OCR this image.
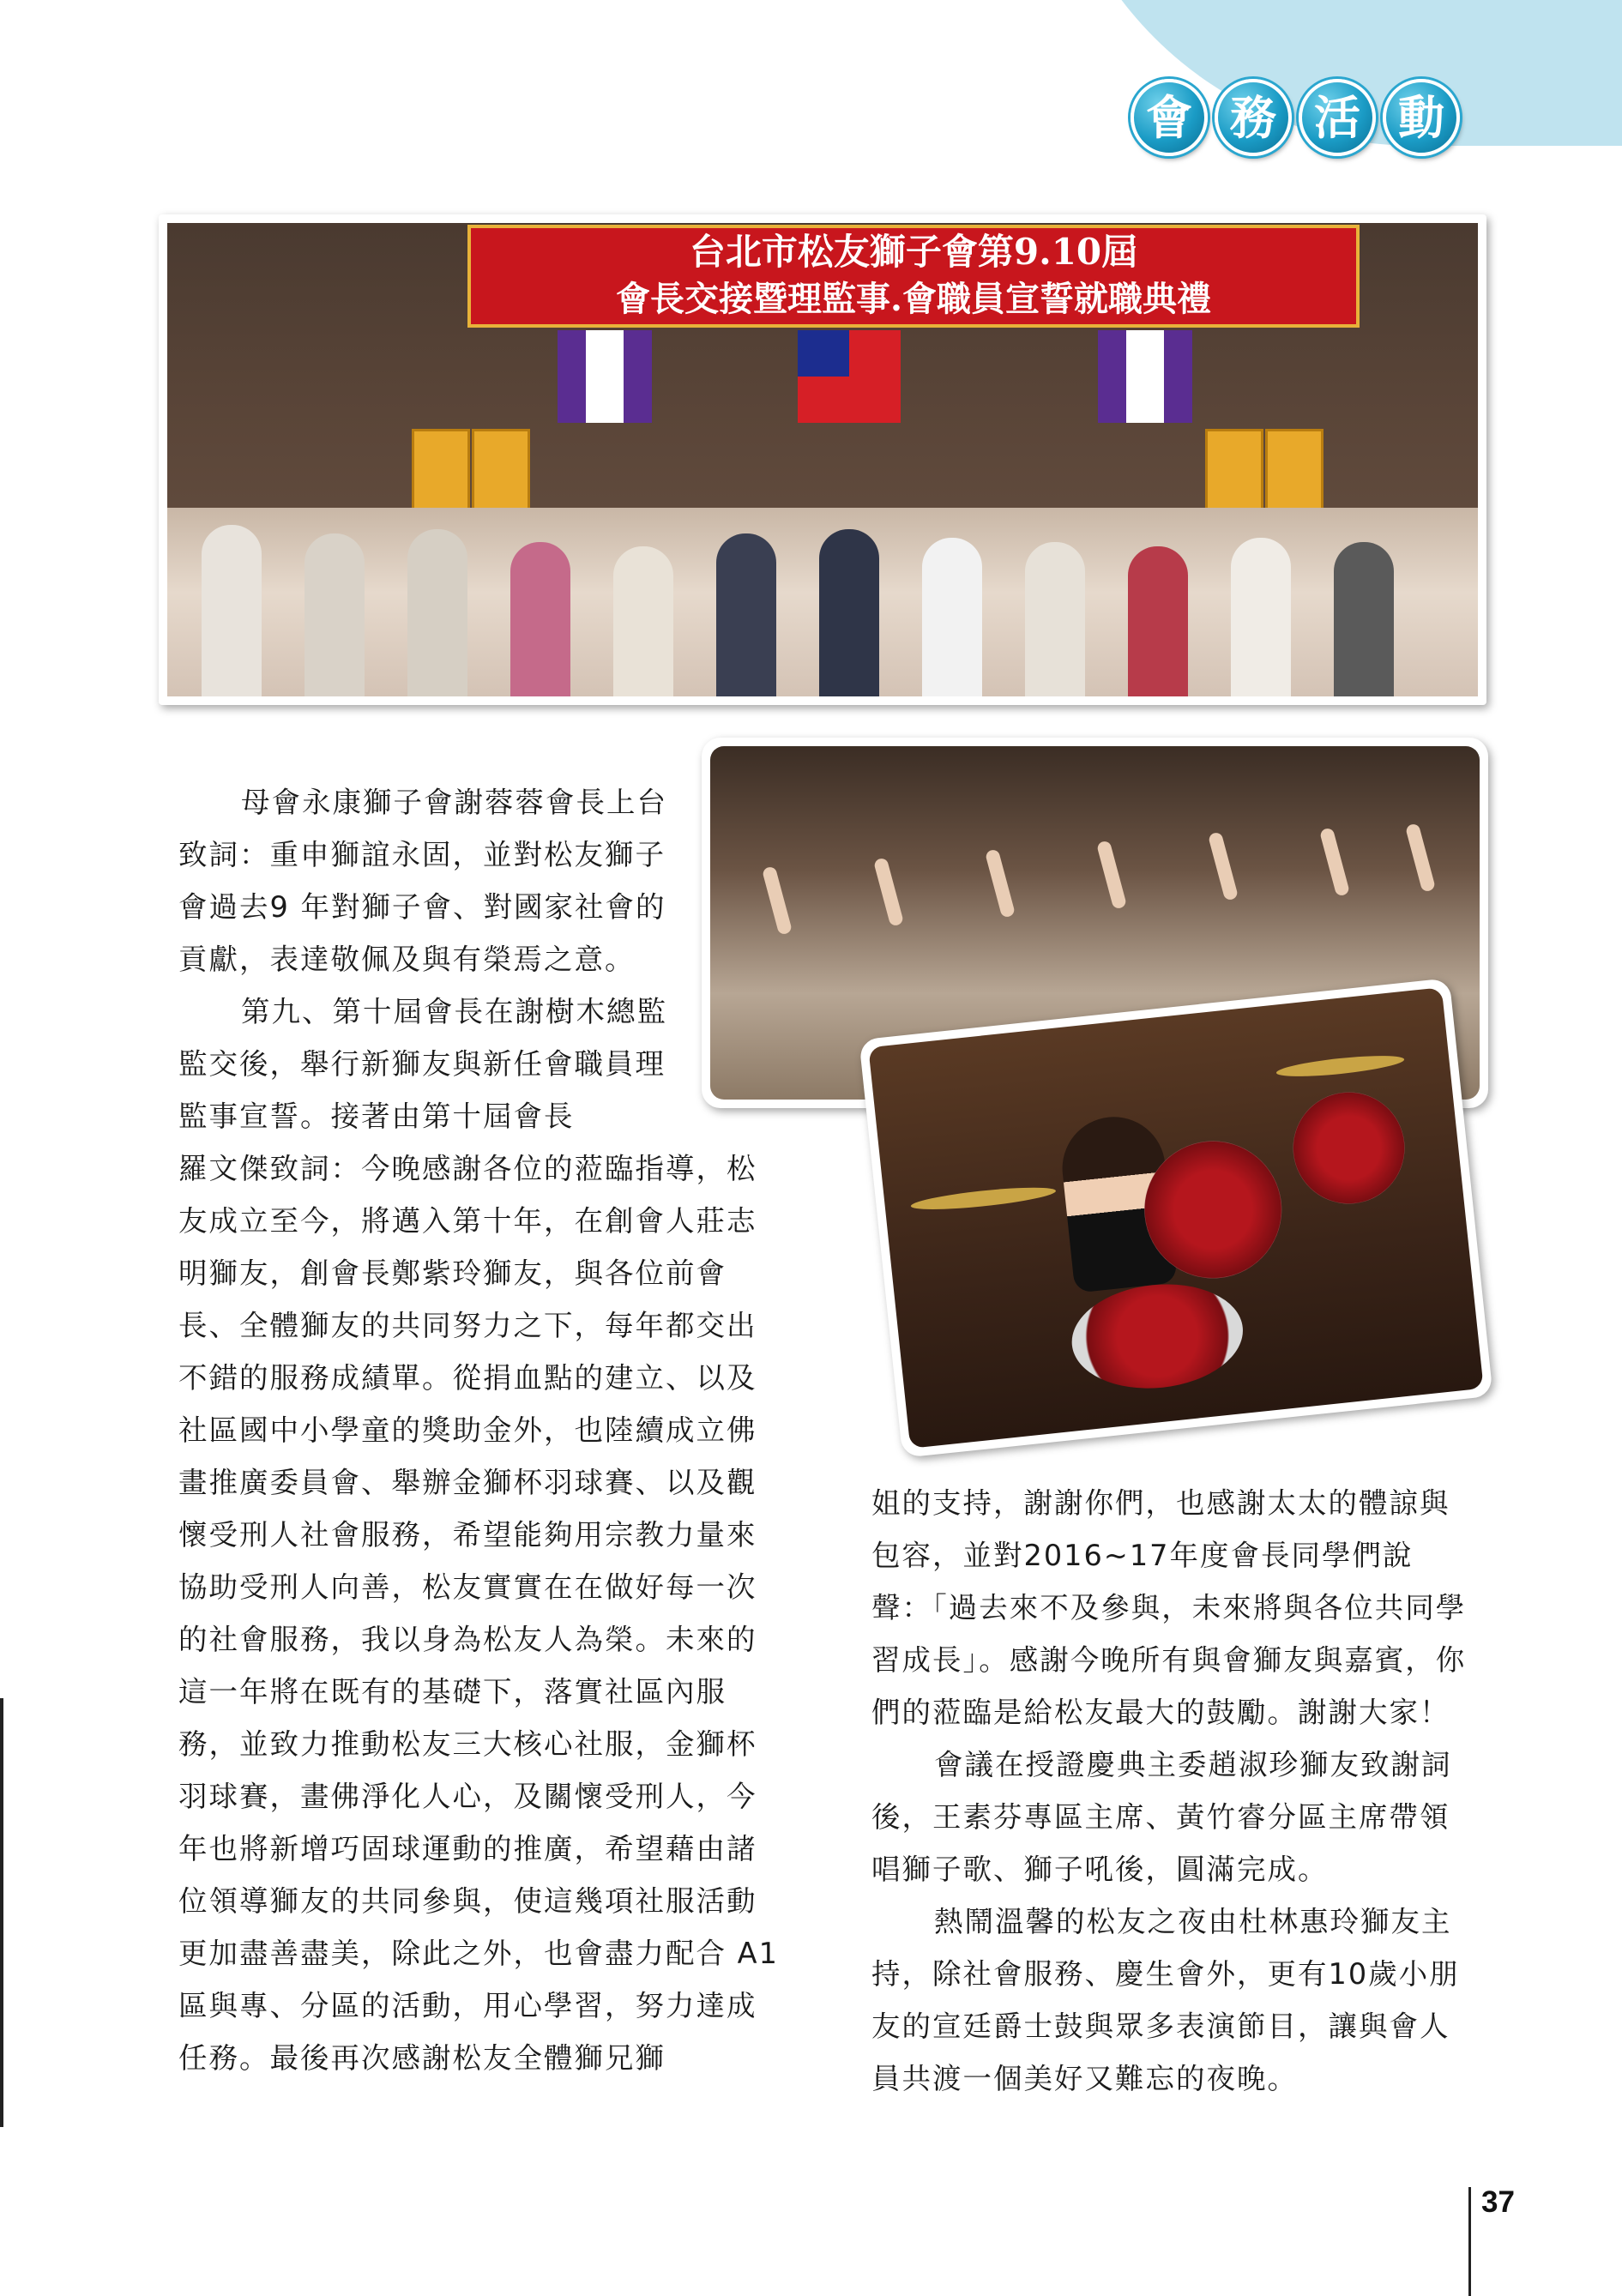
會 務 活 動
台北市松友獅子會第9.10屆
會長交接暨理監事.會職員宣誓就職典禮

母會永康獅子會謝蓉蓉會長上台致詞：重申獅誼永固，並對松友獅子會過去9 年對獅子會、對國家社會的貢獻，表達敬佩及與有榮焉之意。

第九、第十屆會長在謝樹木總監監交後，舉行新獅友與新任會職員理監事宣誓。接著由第十屆會長

羅文傑致詞：今晚感謝各位的蒞臨指導，松友成立至今，將邁入第十年，在創會人莊志明獅友，創會長鄭紫玲獅友，與各位前會長、全體獅友的共同努力之下，每年都交出不錯的服務成績單。從捐血點的建立、以及社區國中小學童的獎助金外，也陸續成立佛畫推廣委員會、舉辦金獅杯羽球賽、以及觀懷受刑人社會服務，希望能夠用宗教力量來協助受刑人向善，松友實實在在做好每一次的社會服務，我以身為松友人為榮。未來的這一年將在既有的基礎下，落實社區內服務，並致力推動松友三大核心社服，金獅杯羽球賽，畫佛淨化人心，及關懷受刑人，今年也將新增巧固球運動的推廣，希望藉由諸位領導獅友的共同參與，使這幾項社服活動更加盡善盡美，除此之外，也會盡力配合 A1區與專、分區的活動，用心學習，努力達成任務。最後再次感謝松友全體獅兄獅

姐的支持，謝謝你們，也感謝太太的體諒與包容，並對2016~17年度會長同學們說聲：「過去來不及參與，未來將與各位共同學習成長」。感謝今晚所有與會獅友與嘉賓，你們的蒞臨是給松友最大的鼓勵。謝謝大家！

會議在授證慶典主委趙淑珍獅友致謝詞後，王素芬專區主席、黃竹睿分區主席帶領唱獅子歌、獅子吼後，圓滿完成。

熱鬧溫馨的松友之夜由杜林惠玲獅友主持，除社會服務、慶生會外，更有10歲小朋友的宣廷爵士鼓與眾多表演節目，讓與會人員共渡一個美好又難忘的夜晚。

37
